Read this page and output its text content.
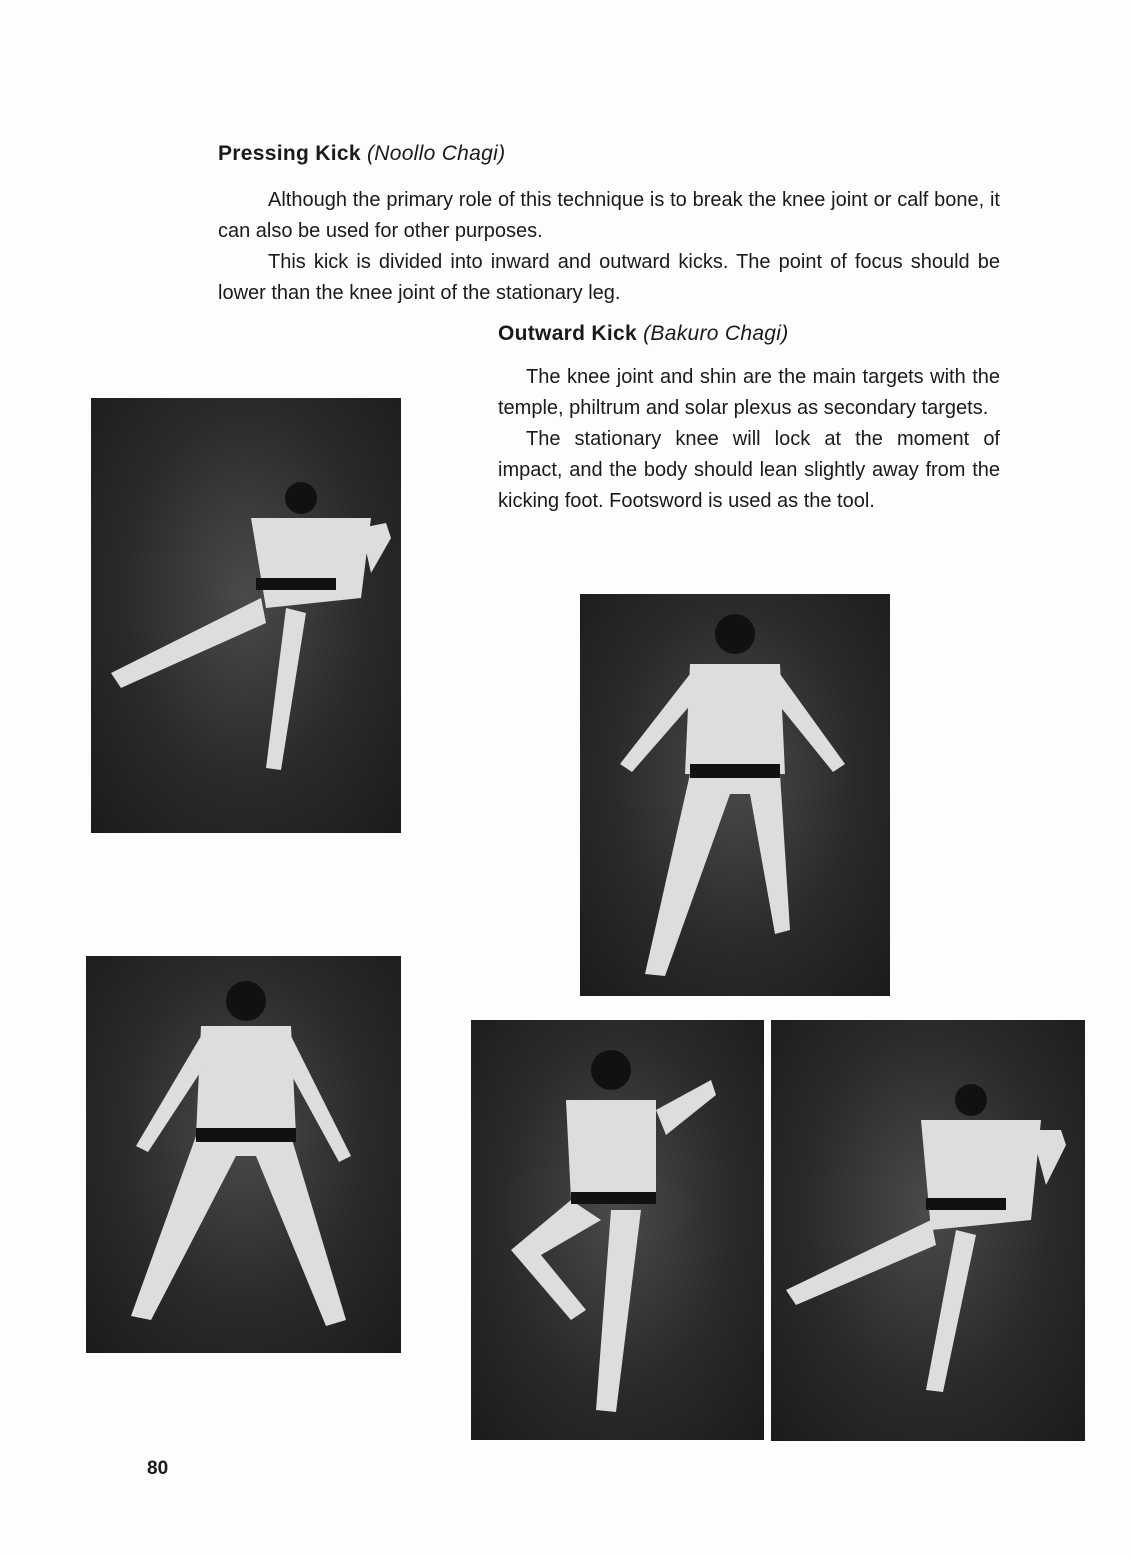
Pressing Kick (Noollo Chagi)
Although the primary role of this technique is to break the knee joint or calf bone, it can also be used for other purposes.
This kick is divided into inward and outward kicks. The point of focus should be lower than the knee joint of the stationary leg.
Outward Kick (Bakuro Chagi)
The knee joint and shin are the main targets with the temple, philtrum and solar plexus as secondary targets.
The stationary knee will lock at the moment of impact, and the body should lean slightly away from the kicking foot. Footsword is used as the tool.
80
